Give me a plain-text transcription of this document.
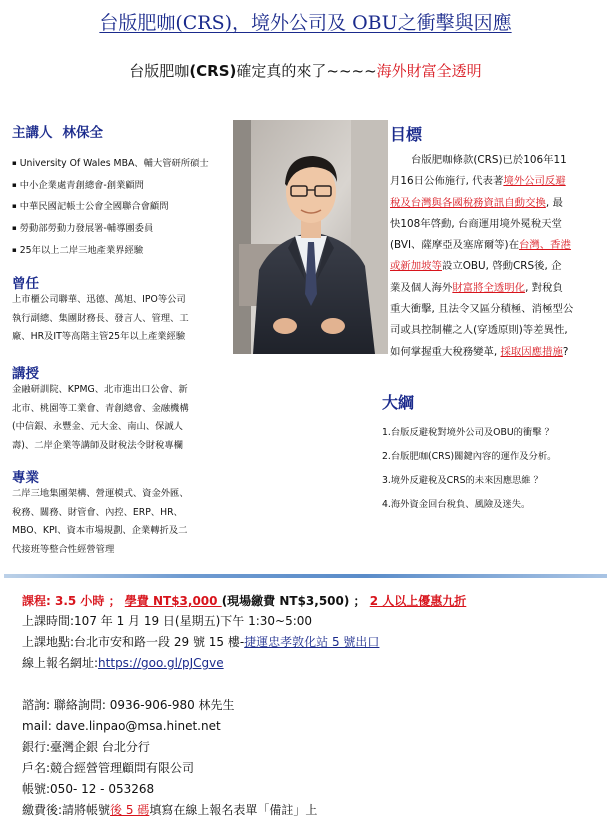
台版肥咖(CRS)，境外公司及 OBU之衝擊與因應
台版肥咖(CRS)確定真的來了~~~~海外財富全透明
主講人 林保全
▪ University Of Wales MBA、輔大管研所碩士
▪ 中小企業處青創總會-創業顧問
▪ 中華民國記帳士公會全國聯合會顧問
▪ 勞動部勞動力發展署-輔導團委員
▪ 25年以上二岸三地產業界經驗
曾任
上市櫃公司聯華、迅德、萬旭、IPO等公司
執行副總、集團財務長、發言人、管理、工
廠、HR及IT等高階主管25年以上產業經驗
講授
金融研訓院、KPMG、北市進出口公會、新
北市、桃園等工業會、青創總會、金融機構
(中信銀、永豐金、元大金、南山、保誠人
壽)、二岸企業等講師及財稅法令財稅專欄
專業
二岸三地集團架構、營運模式、資金外匯、
稅務、關務、財管會、內控、ERP、HR、
MBO、KPI、資本市場規劃、企業轉折及二
代接班等整合性經營管理
目標
台版肥咖條款(CRS)已於106年11
月16日公佈施行, 代表著境外公司反避
稅及台灣與各國稅務資訊自動交換, 最
快108年啓動, 台商運用境外冕稅天堂
(BVI、薩摩亞及塞席爾等)在台灣、香港
或新加坡等設立OBU, 啓動CRS後, 企
業及個人海外財富將全透明化, 對稅負
重大衝擊, 且法令又區分積極、消極型公
司或具控制權之人(穿透原則)等差異性,
如何掌握重大稅務變革, 採取因應措施?
大綱
1.台版反避稅對境外公司及OBU的衝擊 ？
2.台版肥咖(CRS)關鍵內容的運作及分析。
3.境外反避稅及CRS的未來因應思維 ？
4.海外資金回台稅負、風險及迷失。
課程: 3.5 小時 ； 學費 NT$3,000 (現場繳費 NT$3,500) ； 2 人以上優惠九折
上課時間:107 年 1 月 19 日(星期五)下午 1:30~5:00
上課地點:台北市安和路一段 29 號 15 樓-捷運忠孝敦化站 5 號出口
線上報名網址:https://goo.gl/pJCgve
諮詢: 聯絡詢問: 0936-906-980 林先生
mail: dave.linpao@msa.hinet.net
銀行:臺灣企銀 台北分行
戶名:競合經營管理顧問有限公司
帳號:050- 12 - 053268
繳費後:請將帳號後 5 碼填寫在線上報名表單「備註」上
